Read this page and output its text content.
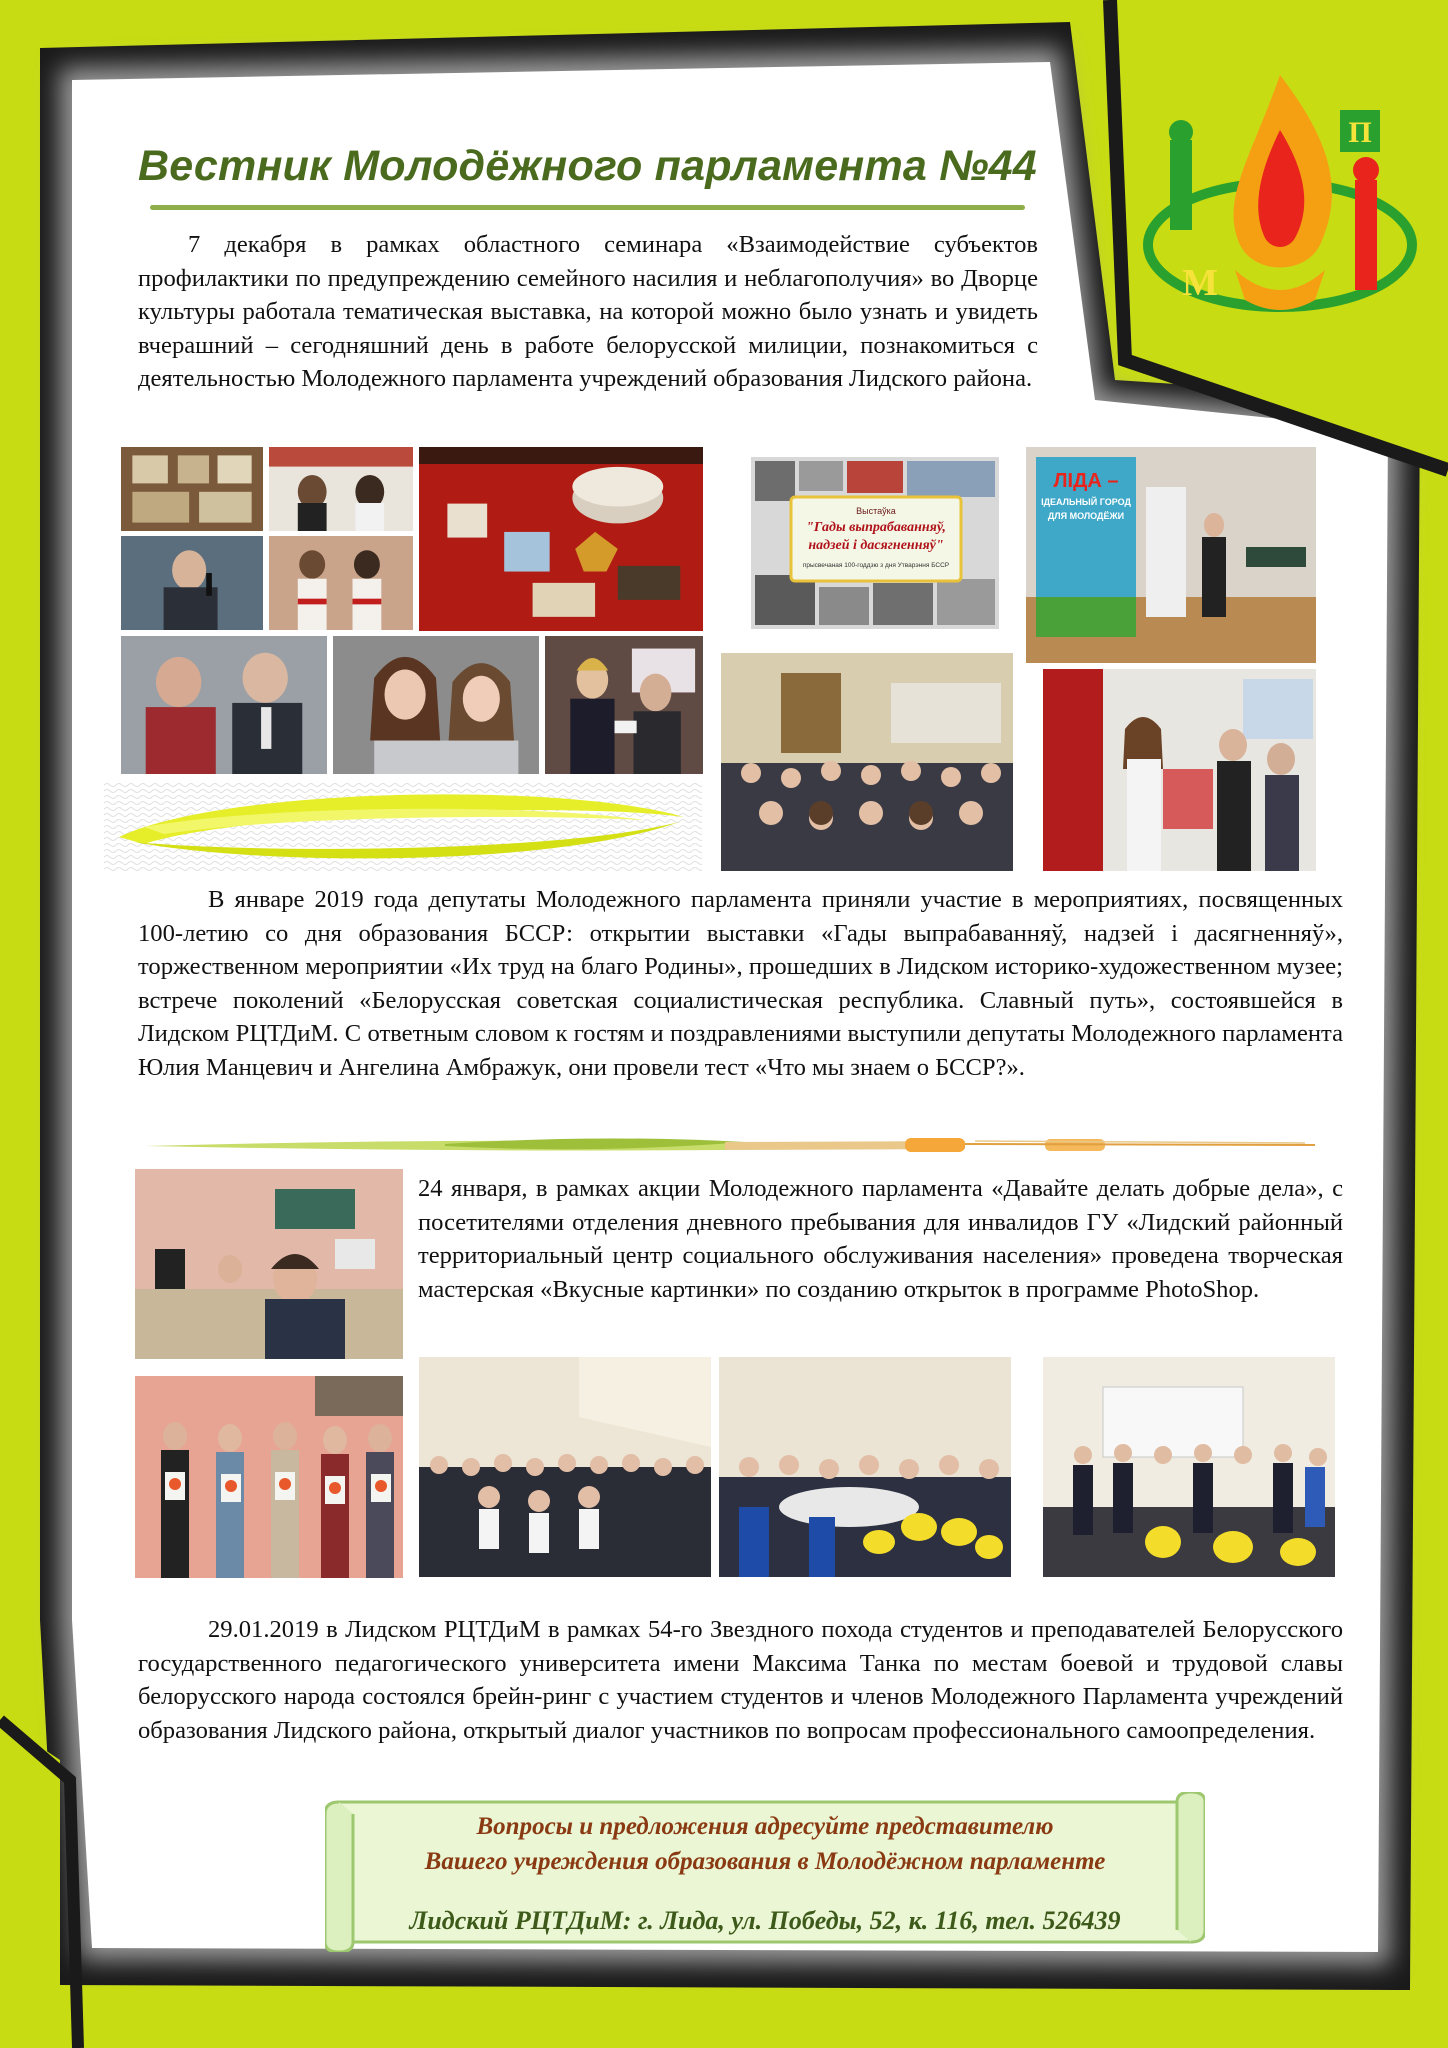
П
М
Вестник Молодёжного парламента №44

7 декабря в рамках областного семинара «Взаимодействие субъектов профилактики по предупреждению семейного насилия и неблагополучия» во Дворце культуры работала тематическая выставка, на которой можно было узнать и увидеть вчерашний – сегодняшний день в работе белорусской милиции, познакомиться с деятельностью Молодежного парламента учреждений образования Лидского района.

Выстаўка
"Гады выпрабаванняў,
надзей і дасягненняў"
прысвечаная 100-годдзю з дня Утварэння БССР
ЛІДА –
ІДЕАЛЬНЫЙ ГОРОД
ДЛЯ МОЛОДЁЖИ

В январе 2019 года депутаты Молодежного парламента приняли участие в мероприятиях, посвященных 100-летию со дня образования БССР: открытии выставки «Гады выпрабаванняў, надзей і дасягненняў», торжественном мероприятии «Их труд на благо Родины», прошедших в Лидском историко-художественном музее; встрече поколений «Белорусская советская социалистическая республика. Славный путь», состоявшейся в Лидском РЦТДиМ. С ответным словом к гостям и поздравлениями выступили депутаты Молодежного парламента Юлия Манцевич и Ангелина Амбражук, они провели тест «Что мы знаем о БССР?».

24 января, в рамках акции Молодежного парламента «Давайте делать добрые дела», с посетителями отделения дневного пребывания для инвалидов ГУ «Лидский районный территориальный центр социального обслуживания населения» проведена творческая мастерская «Вкусные картинки» по созданию открыток в программе PhotoShop.

29.01.2019 в Лидском РЦТДиМ в рамках 54-го Звездного похода студентов и преподавателей Белорусского государственного педагогического университета имени Максима Танка по местам боевой и трудовой славы белорусского народа состоялся брейн-ринг с участием студентов и членов Молодежного Парламента учреждений образования Лидского района, открытый диалог участников по вопросам профессионального самоопределения.

Вопросы и предложения адресуйте представителю
Вашего учреждения образования в Молодёжном парламенте
Лидский РЦТДиМ: г. Лида, ул. Победы, 52, к. 116, тел. 526439
